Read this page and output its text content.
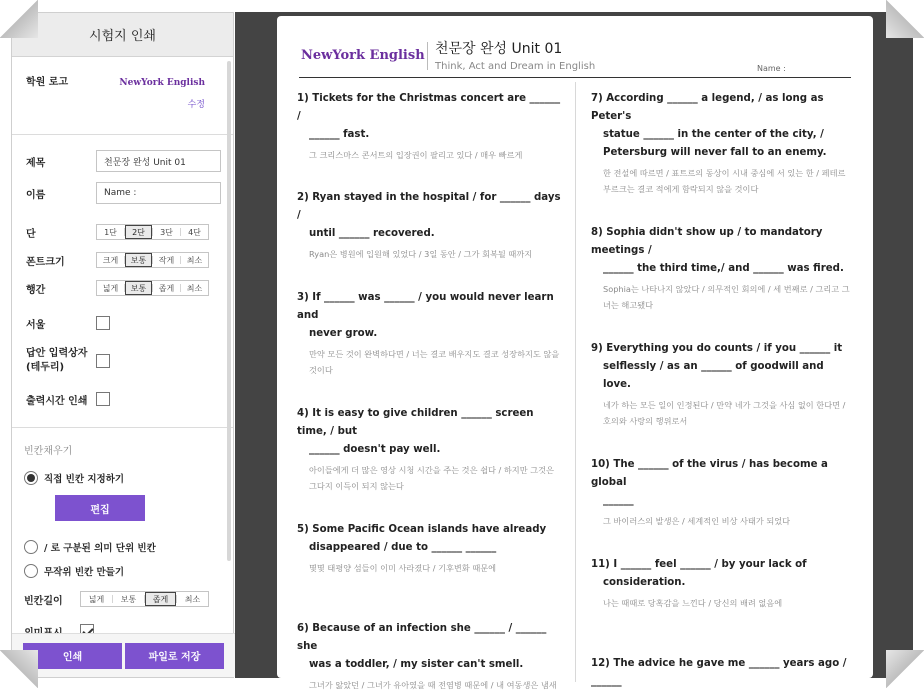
시험지 인쇄
학원 로고	NewYork English
수정
제목	천문장 완성 Unit 01
이름	Name :
단	1단	2단	3단	4단
폰트크기	크게	보통	작게	최소
행간	넓게	보통	좁게	최소
서울
답안 입력상자
(테두리)
출력시간 인쇄
빈칸채우기
직접 빈칸 지정하기
편집
/ 로 구분된 의미 단위 빈칸
무작위 빈칸 만들기
빈칸길이	넓게	보통	좁게	최소
인쇄	파일로 저장
NewYork English 천문장 완성 Unit 01
Think, Act and Dream in English	Name :
1) Tickets for the Christmas concert are ______ /
______ fast.
그 크리스마스 콘서트의 입장권이 팔리고 있다 / 매우 빠르게
2) Ryan stayed in the hospital / for ______ days /
until ______ recovered.
Ryan은 병원에 입원해 있었다 / 3일 동안 / 그가 회복될 때까지
3) If ______ was ______ / you would never learn and
never grow.
만약 모든 것이 완벽하다면 / 너는 결코 배우지도 결코 성장하지도 않을 것이다
4) It is easy to give children ______ screen time, / but
______ doesn't pay well.
아이들에게 더 많은 영상 시청 시간을 주는 것은 쉽다 / 하지만 그것은 그다지 이득이 되지 않는다
5) Some Pacific Ocean islands have already
disappeared / due to ______ ______
몇몇 태평양 섬들이 이미 사라졌다 / 기후변화 때문에
6) Because of an infection she ______ / ______ she
was a toddler, / my sister can't smell.
그녀가 앓았던 / 그녀가 유아였을 때 전염병 때문에 / 내 여동생은 냄새
7) According ______ a legend, / as long as Peter's
statue ______ in the center of the city, /
Petersburg will never fall to an enemy.
한 전설에 따르면 / 표트르의 동상이 시내 중심에 서 있는 한 / 페테르부르크는 결코 적에게 함락되지 않을 것이다
8) Sophia didn't show up / to mandatory meetings /
______ the third time,/ and ______ was fired.
Sophia는 나타나지 않았다 / 의무적인 회의에 / 세 번째로 / 그리고 그녀는 해고됐다
9) Everything you do counts / if you ______ it
selflessly / as an ______ of goodwill and love.
네가 하는 모든 일이 인정된다 / 만약 네가 그것을 사심 없이 한다면 / 호의와 사랑의 행위로서
10) The ______ of the virus / has become a global
______
그 바이러스의 발생은 / 세계적인 비상 사태가 되었다
11) I ______ feel ______ / by your lack of
consideration.
나는 때때로 당혹감을 느낀다 / 당신의 배려 없음에
12) The advice he gave me ______ years ago / ______
